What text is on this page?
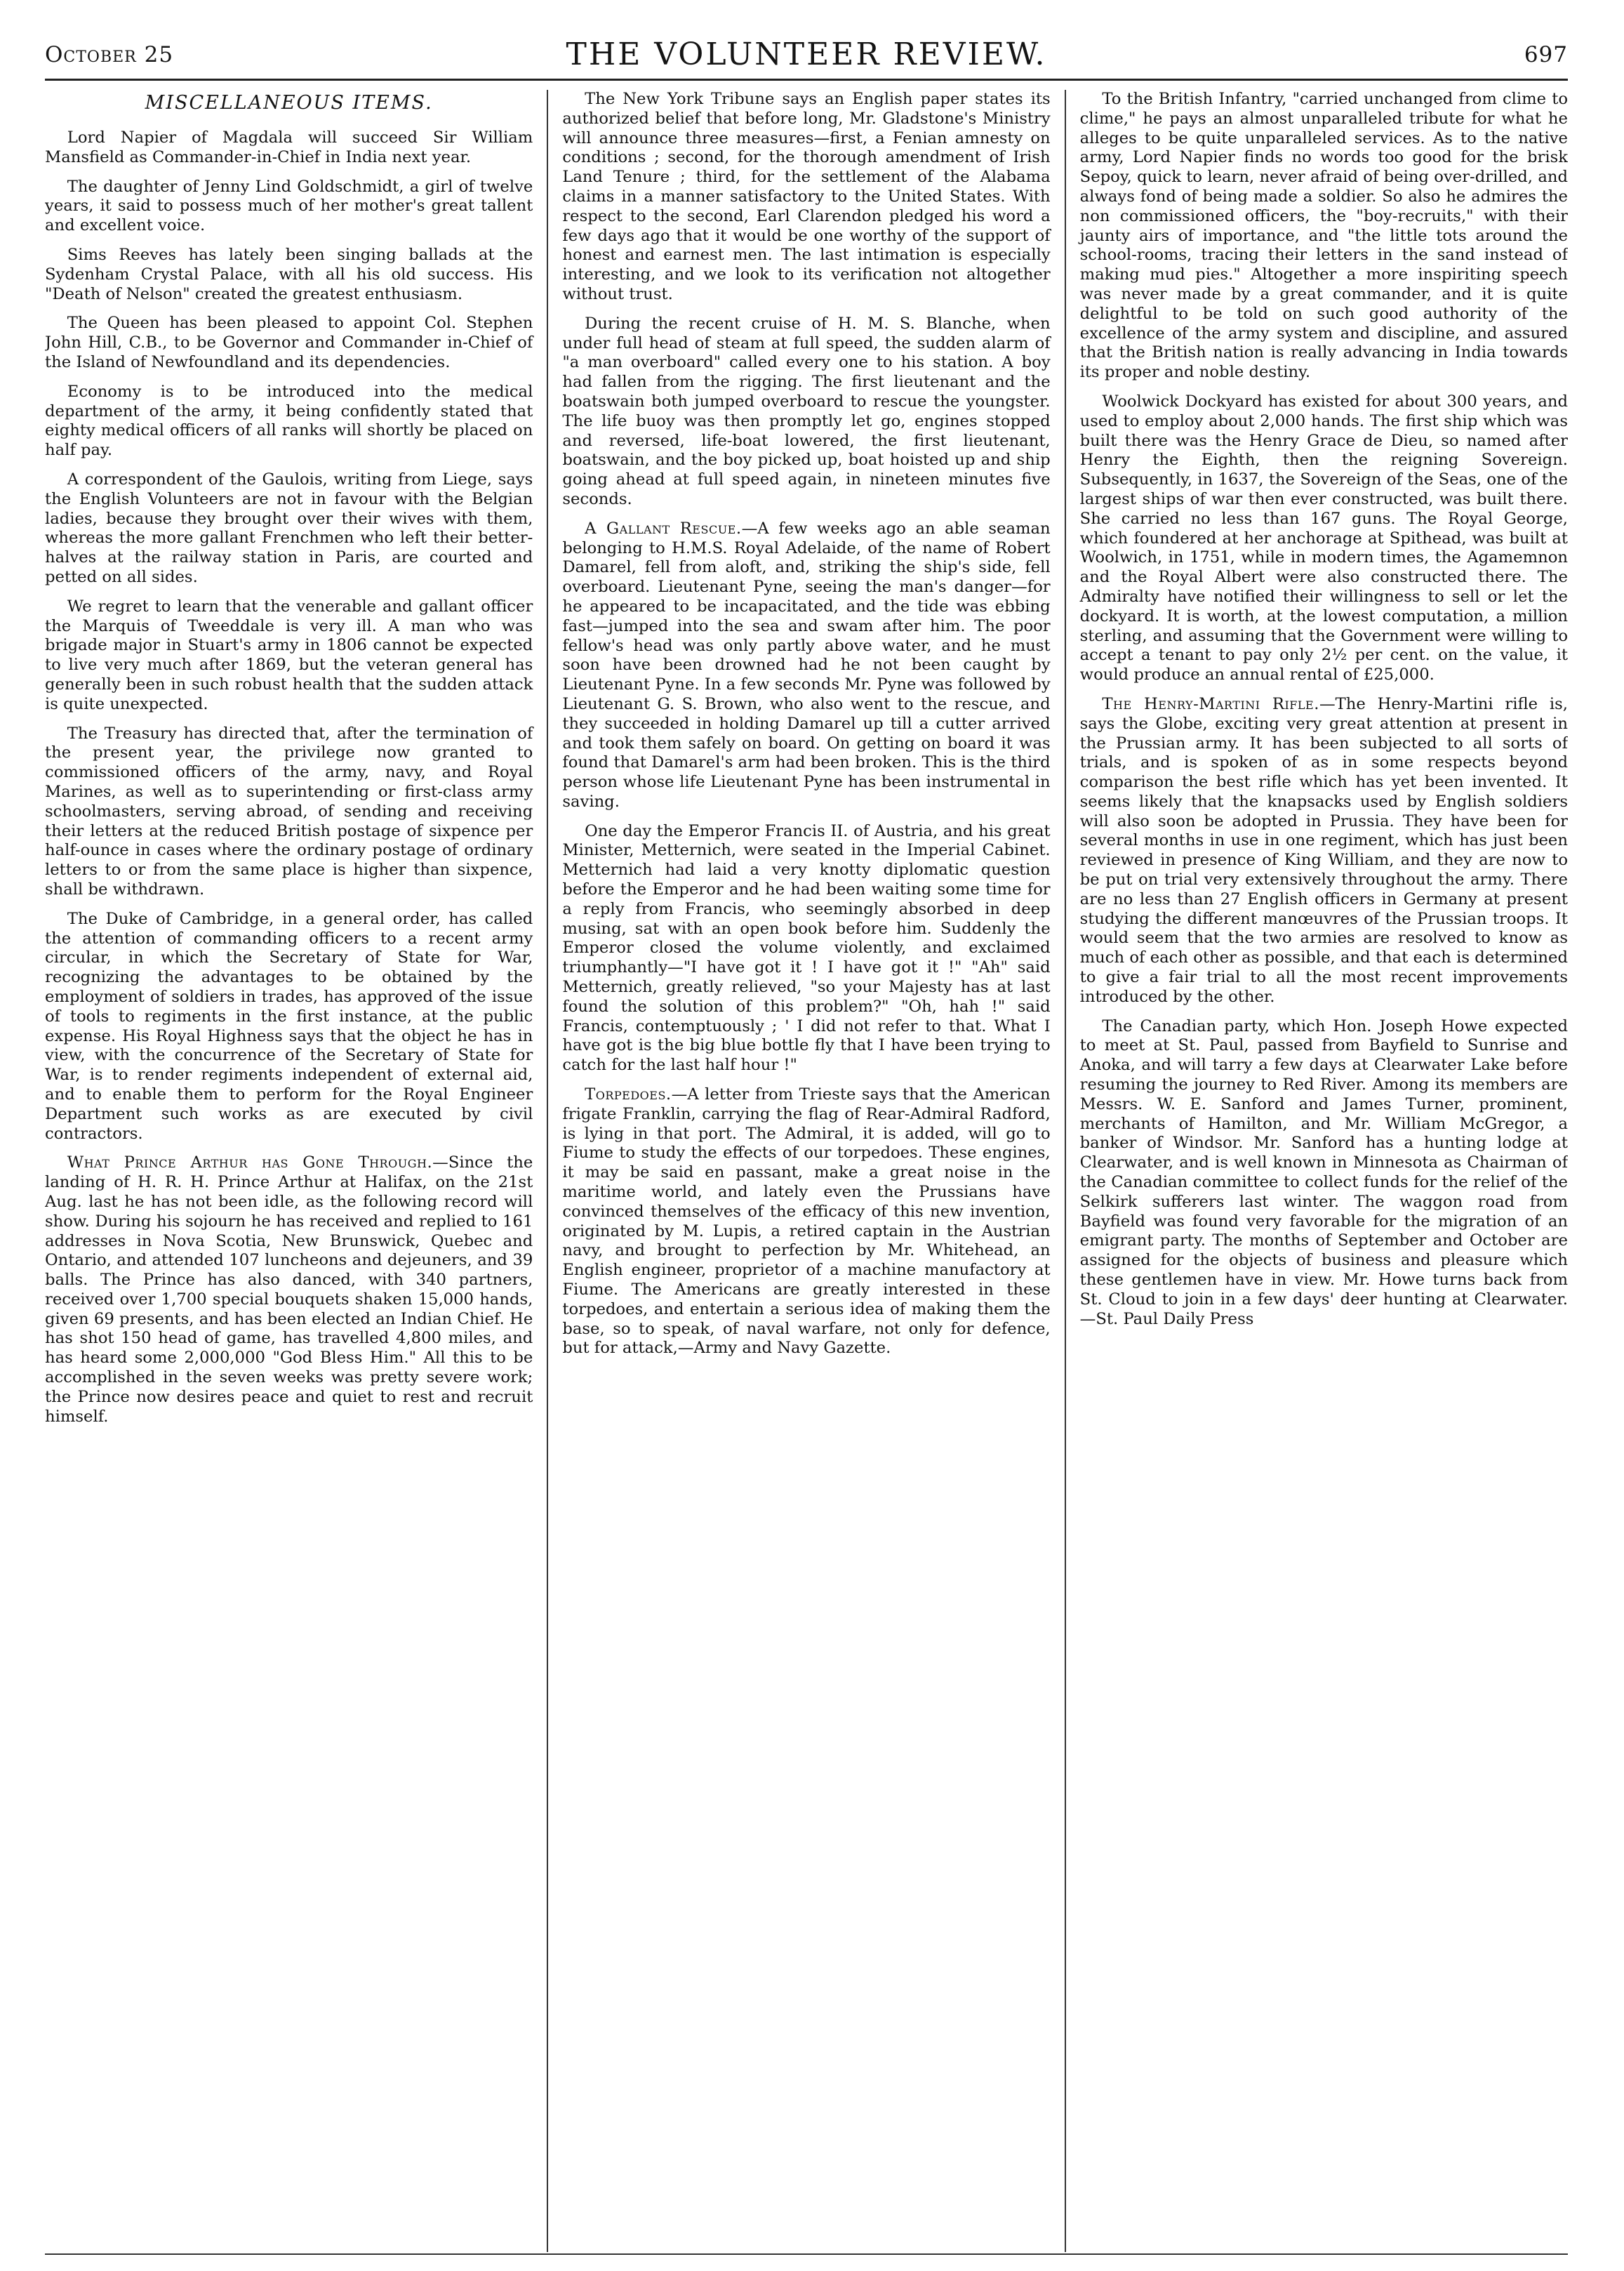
October 25	THE VOLUNTEER REVIEW.	697
MISCELLANEOUS ITEMS.

Lord Napier of Magdala will succeed Sir William Mansfield as Commander-in-Chief in India next year.

The daughter of Jenny Lind Goldschmidt, a girl of twelve years, it said to possess much of her mother's great tallent and excellent voice.

Sims Reeves has lately been singing ballads at the Sydenham Crystal Palace, with all his old success. His "Death of Nelson" created the greatest enthusiasm.

The Queen has been pleased to appoint Col. Stephen John Hill, C.B., to be Governor and Commander in-Chief of the Island of Newfoundland and its dependencies.

Economy is to be introduced into the medical department of the army, it being confidently stated that eighty medical officers of all ranks will shortly be placed on half pay.

A correspondent of the Gaulois, writing from Liege, says the English Volunteers are not in favour with the Belgian ladies, because they brought over their wives with them, whereas the more gallant Frenchmen who left their better-halves at the railway station in Paris, are courted and petted on all sides.

We regret to learn that the venerable and gallant officer the Marquis of Tweeddale is very ill. A man who was brigade major in Stuart's army in 1806 cannot be expected to live very much after 1869, but the veteran general has generally been in such robust health that the sudden attack is quite unexpected.

The Treasury has directed that, after the termination of the present year, the privilege now granted to commissioned officers of the army, navy, and Royal Marines, as well as to superintending or first-class army schoolmasters, serving abroad, of sending and receiving their letters at the reduced British postage of sixpence per half-ounce in cases where the ordinary postage of ordinary letters to or from the same place is higher than sixpence, shall be withdrawn.

The Duke of Cambridge, in a general order, has called the attention of commanding officers to a recent army circular, in which the Secretary of State for War, recognizing the advantages to be obtained by the employment of soldiers in trades, has approved of the issue of tools to regiments in the first instance, at the public expense. His Royal Highness says that the object he has in view, with the concurrence of the Secretary of State for War, is to render regiments independent of external aid, and to enable them to perform for the Royal Engineer Department such works as are executed by civil contractors.

What Prince Arthur has Gone Through.—Since the landing of H. R. H. Prince Arthur at Halifax, on the 21st Aug. last he has not been idle, as the following record will show. During his sojourn he has received and replied to 161 addresses in Nova Scotia, New Brunswick, Quebec and Ontario, and attended 107 luncheons and dejeuners, and 39 balls. The Prince has also danced, with 340 partners, received over 1,700 special bouquets shaken 15,000 hands, given 69 presents, and has been elected an Indian Chief. He has shot 150 head of game, has travelled 4,800 miles, and has heard some 2,000,000 "God Bless Him." All this to be accomplished in the seven weeks was pretty severe work; the Prince now desires peace and quiet to rest and recruit himself.

The New York Tribune says an English paper states its authorized belief that before long, Mr. Gladstone's Ministry will announce three measures—first, a Fenian amnesty on conditions ; second, for the thorough amendment of Irish Land Tenure ; third, for the settlement of the Alabama claims in a manner satisfactory to the United States. With respect to the second, Earl Clarendon pledged his word a few days ago that it would be one worthy of the support of honest and earnest men. The last intimation is especially interesting, and we look to its verification not altogether without trust.

During the recent cruise of H. M. S. Blanche, when under full head of steam at full speed, the sudden alarm of "a man overboard" called every one to his station. A boy had fallen from the rigging. The first lieutenant and the boatswain both jumped overboard to rescue the youngster. The life buoy was then promptly let go, engines stopped and reversed, life-boat lowered, the first lieutenant, boatswain, and the boy picked up, boat hoisted up and ship going ahead at full speed again, in nineteen minutes five seconds.

A Gallant Rescue.—A few weeks ago an able seaman belonging to H.M.S. Royal Adelaide, of the name of Robert Damarel, fell from aloft, and, striking the ship's side, fell overboard. Lieutenant Pyne, seeing the man's danger—for he appeared to be incapacitated, and the tide was ebbing fast—jumped into the sea and swam after him. The poor fellow's head was only partly above water, and he must soon have been drowned had he not been caught by Lieutenant Pyne. In a few seconds Mr. Pyne was followed by Lieutenant G. S. Brown, who also went to the rescue, and they succeeded in holding Damarel up till a cutter arrived and took them safely on board. On getting on board it was found that Damarel's arm had been broken. This is the third person whose life Lieutenant Pyne has been instrumental in saving.

One day the Emperor Francis II. of Austria, and his great Minister, Metternich, were seated in the Imperial Cabinet. Metternich had laid a very knotty diplomatic question before the Emperor and he had been waiting some time for a reply from Francis, who seemingly absorbed in deep musing, sat with an open book before him. Suddenly the Emperor closed the volume violently, and exclaimed triumphantly—"I have got it ! I have got it !" "Ah" said Metternich, greatly relieved, "so your Majesty has at last found the solution of this problem?" "Oh, hah !" said Francis, contemptuously ; ' I did not refer to that. What I have got is the big blue bottle fly that I have been trying to catch for the last half hour !"

Torpedoes.—A letter from Trieste says that the American frigate Franklin, carrying the flag of Rear-Admiral Radford, is lying in that port. The Admiral, it is added, will go to Fiume to study the effects of our torpedoes. These engines, it may be said en passant, make a great noise in the maritime world, and lately even the Prussians have convinced themselves of the efficacy of this new invention, originated by M. Lupis, a retired captain in the Austrian navy, and brought to perfection by Mr. Whitehead, an English engineer, proprietor of a machine manufactory at Fiume. The Americans are greatly interested in these torpedoes, and entertain a serious idea of making them the base, so to speak, of naval warfare, not only for defence, but for attack,—Army and Navy Gazette.

To the British Infantry, "carried unchanged from clime to clime," he pays an almost unparalleled tribute for what he alleges to be quite unparalleled services. As to the native army, Lord Napier finds no words too good for the brisk Sepoy, quick to learn, never afraid of being over-drilled, and always fond of being made a soldier. So also he admires the non commissioned officers, the "boy-recruits," with their jaunty airs of importance, and "the little tots around the school-rooms, tracing their letters in the sand instead of making mud pies." Altogether a more inspiriting speech was never made by a great commander, and it is quite delightful to be told on such good authority of the excellence of the army system and discipline, and assured that the British nation is really advancing in India towards its proper and noble destiny.

Woolwick Dockyard has existed for about 300 years, and used to employ about 2,000 hands. The first ship which was built there was the Henry Grace de Dieu, so named after Henry the Eighth, then the reigning Sovereign. Subsequently, in 1637, the Sovereign of the Seas, one of the largest ships of war then ever constructed, was built there. She carried no less than 167 guns. The Royal George, which foundered at her anchorage at Spithead, was built at Woolwich, in 1751, while in modern times, the Agamemnon and the Royal Albert were also constructed there. The Admiralty have notified their willingness to sell or let the dockyard. It is worth, at the lowest computation, a million sterling, and assuming that the Government were willing to accept a tenant to pay only 2½ per cent. on the value, it would produce an annual rental of £25,000.

The Henry-Martini Rifle.—The Henry-Martini rifle is, says the Globe, exciting very great attention at present in the Prussian army. It has been subjected to all sorts of trials, and is spoken of as in some respects beyond comparison the best rifle which has yet been invented. It seems likely that the knapsacks used by English soldiers will also soon be adopted in Prussia. They have been for several months in use in one regiment, which has just been reviewed in presence of King William, and they are now to be put on trial very extensively throughout the army. There are no less than 27 English officers in Germany at present studying the different manœuvres of the Prussian troops. It would seem that the two armies are resolved to know as much of each other as possible, and that each is determined to give a fair trial to all the most recent improvements introduced by the other.

The Canadian party, which Hon. Joseph Howe expected to meet at St. Paul, passed from Bayfield to Sunrise and Anoka, and will tarry a few days at Clearwater Lake before resuming the journey to Red River. Among its members are Messrs. W. E. Sanford and James Turner, prominent, merchants of Hamilton, and Mr. William McGregor, a banker of Windsor. Mr. Sanford has a hunting lodge at Clearwater, and is well known in Minnesota as Chairman of the Canadian committee to collect funds for the relief of the Selkirk sufferers last winter. The waggon road from Bayfield was found very favorable for the migration of an emigrant party. The months of September and October are assigned for the objects of business and pleasure which these gentlemen have in view. Mr. Howe turns back from St. Cloud to join in a few days' deer hunting at Clearwater.—St. Paul Daily Press
